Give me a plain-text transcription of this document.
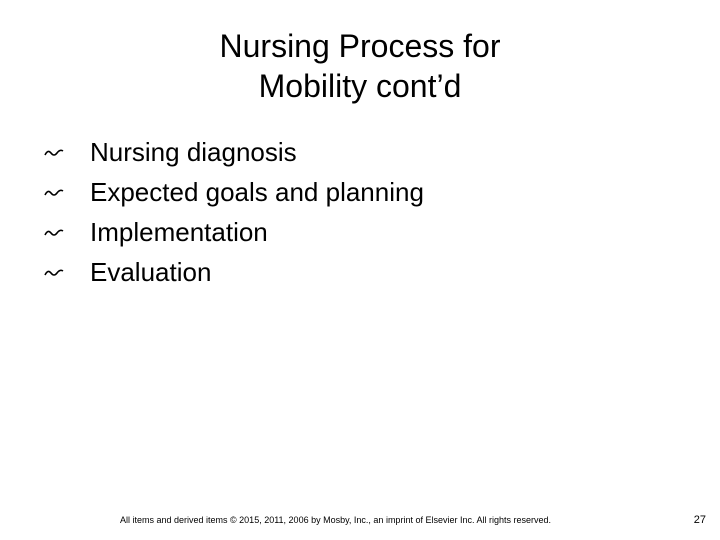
Nursing Process for
Mobility cont’d
Nursing diagnosis
Expected goals and planning
Implementation
Evaluation
All items and derived items © 2015, 2011, 2006 by Mosby, Inc., an imprint of Elsevier Inc. All rights reserved.	27
